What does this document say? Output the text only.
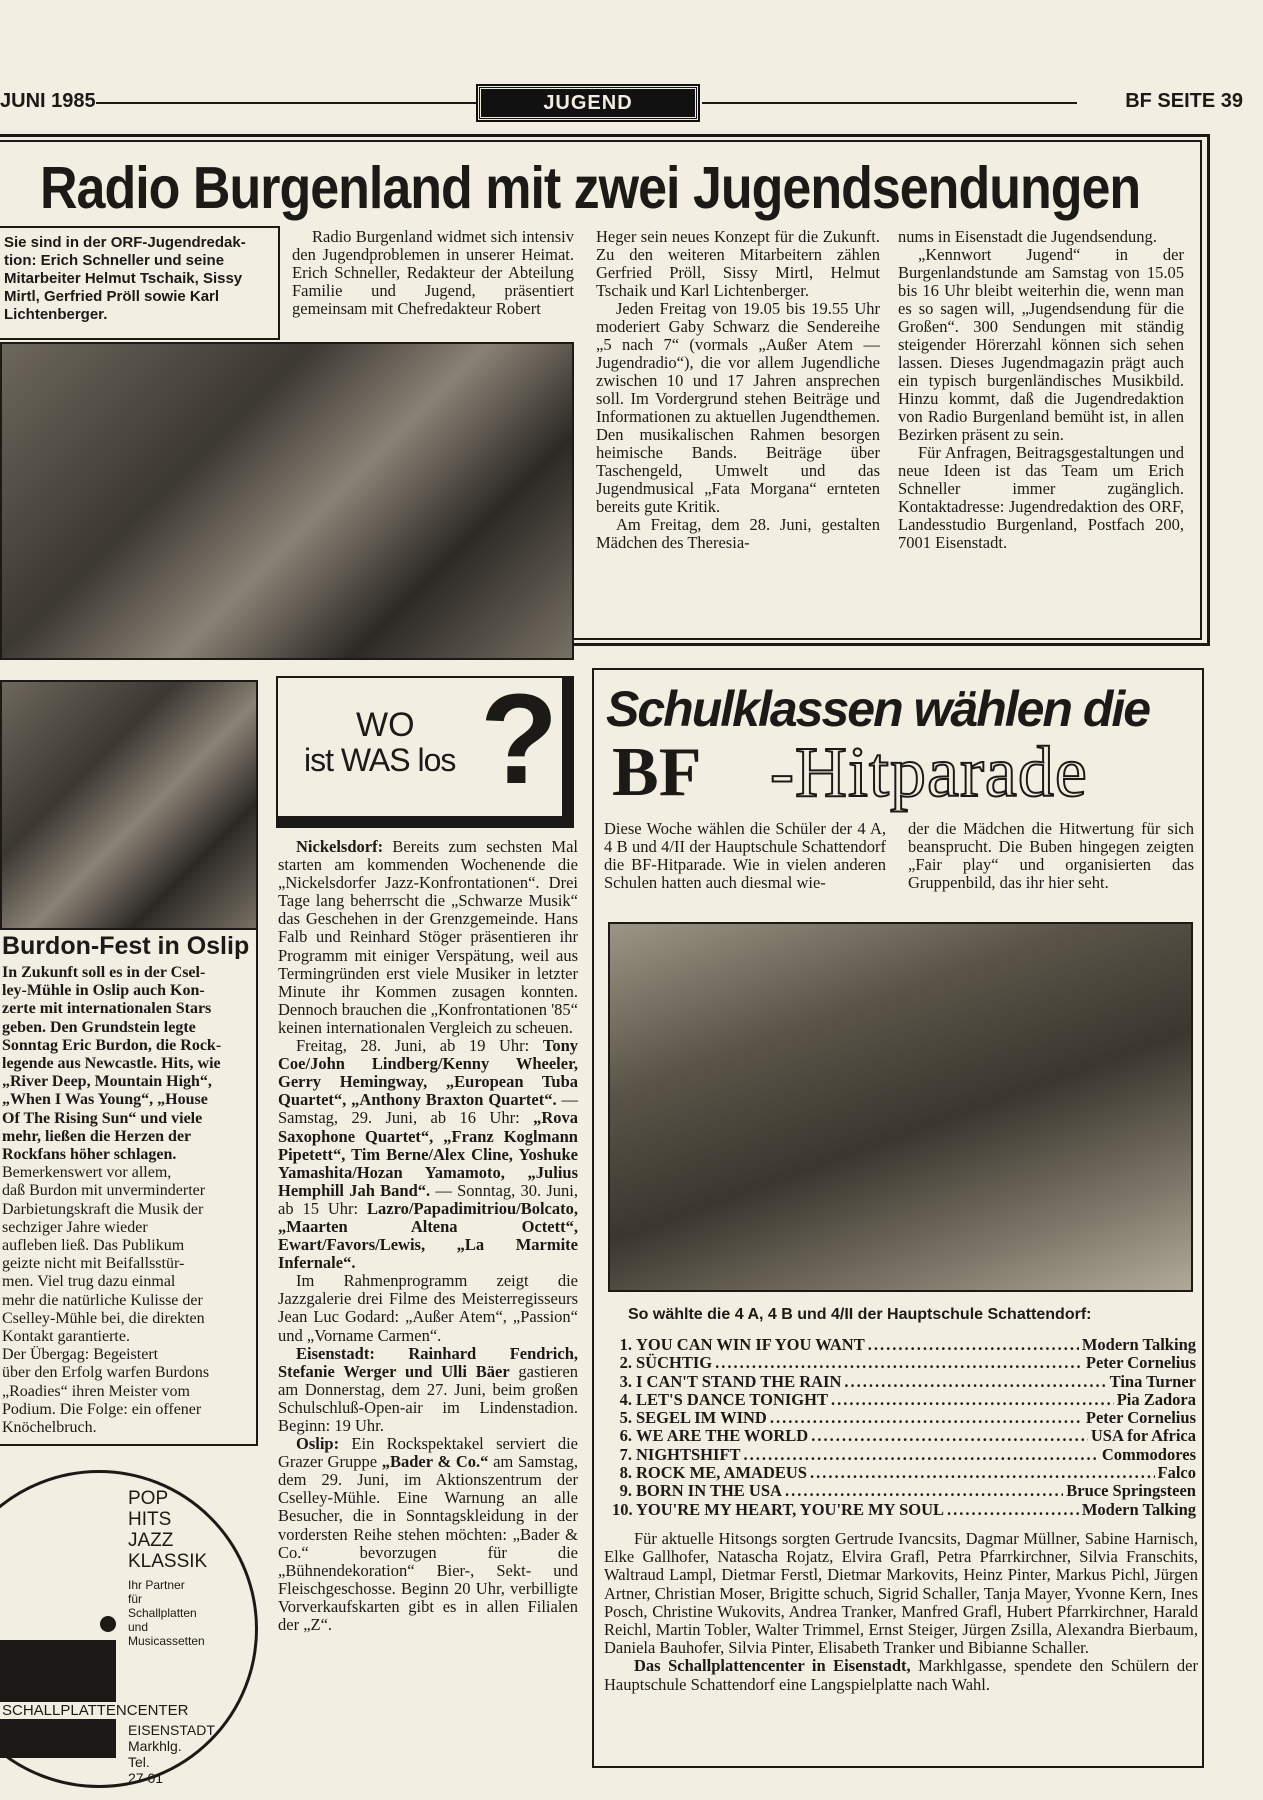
JUNI 1985	JUGEND	BF SEITE 39
Radio Burgenland mit zwei Jugendsendungen

Sie sind in der ORF-Jugendredak-

tion: Erich Schneller und seine

Mitarbeiter Helmut Tschaik, Sissy

Mirtl, Gerfried Pröll sowie Karl

Lichtenberger.

Radio Burgenland widmet sich intensiv den Jugendproblemen in unserer Heimat. Erich Schneller, Redakteur der Abteilung Familie und Jugend, präsentiert gemeinsam mit Chefredakteur Robert

Heger sein neues Konzept für die Zukunft. Zu den weiteren Mitarbeitern zählen Gerfried Pröll, Sissy Mirtl, Helmut Tschaik und Karl Lichtenberger.

Jeden Freitag von 19.05 bis 19.55 Uhr moderiert Gaby Schwarz die Sendereihe „5 nach 7“ (vormals „Außer Atem — Jugendradio“), die vor allem Jugendliche zwischen 10 und 17 Jahren ansprechen soll. Im Vordergrund stehen Beiträge und Informationen zu aktuellen Jugendthemen. Den musikalischen Rahmen besorgen heimische Bands. Beiträge über Taschengeld, Umwelt und das Jugendmusical „Fata Morgana“ ernteten bereits gute Kritik.

Am Freitag, dem 28. Juni, gestalten Mädchen des Theresia-

nums in Eisenstadt die Jugendsendung.

„Kennwort Jugend“ in der Burgenlandstunde am Samstag von 15.05 bis 16 Uhr bleibt weiterhin die, wenn man es so sagen will, „Jugendsendung für die Großen“. 300 Sendungen mit ständig steigender Hörerzahl können sich sehen lassen. Dieses Jugendmagazin prägt auch ein typisch burgenländisches Musikbild. Hinzu kommt, daß die Jugendredaktion von Radio Burgenland bemüht ist, in allen Bezirken präsent zu sein.

Für Anfragen, Beitragsgestaltungen und neue Ideen ist das Team um Erich Schneller immer zugänglich. Kontaktadresse: Jugendredaktion des ORF, Landesstudio Burgenland, Postfach 200, 7001 Eisenstadt.

Burdon-Fest in Oslip

In Zukunft soll es in der Csel-

ley-Mühle in Oslip auch Kon-

zerte mit internationalen Stars

geben. Den Grundstein legte

Sonntag Eric Burdon, die Rock-

legende aus Newcastle. Hits, wie

„River Deep, Mountain High“,

„When I Was Young“, „House

Of The Rising Sun“ und viele

mehr, ließen die Herzen der

Rockfans höher schlagen.

Bemerkenswert vor allem,

daß Burdon mit unverminderter

Darbietungskraft die Musik der

sechziger Jahre wieder

aufleben ließ. Das Publikum

geizte nicht mit Beifallsstür-

men. Viel trug dazu einmal

mehr die natürliche Kulisse der

Cselley-Mühle bei, die direkten

Kontakt garantierte.

Der Übergag: Begeistert

über den Erfolg warfen Burdons

„Roadies“ ihren Meister vom

Podium. Die Folge: ein offener

Knöchelbruch.

POP
HITS
JAZZ
KLASSIK
Ihr Partner
für
Schallplatten
und
Musicassetten
SCHALLPLATTENCENTER
EISENSTADT
Markhlg.
Tel.
27 01
WO
ist WAS los ?

Nickelsdorf: Bereits zum sechsten Mal starten am kommenden Wochenende die „Nickelsdorfer Jazz-Konfrontationen“. Drei Tage lang beherrscht die „Schwarze Musik“ das Geschehen in der Grenzgemeinde. Hans Falb und Reinhard Stöger präsentieren ihr Programm mit einiger Verspätung, weil aus Termingründen erst viele Musiker in letzter Minute ihr Kommen zusagen konnten. Dennoch brauchen die „Konfrontationen '85“ keinen internationalen Vergleich zu scheuen.

Freitag, 28. Juni, ab 19 Uhr: Tony Coe/John Lindberg/Kenny Wheeler, Gerry Hemingway, „European Tuba Quartet“, „Anthony Braxton Quartet“. — Samstag, 29. Juni, ab 16 Uhr: „Rova Saxophone Quartet“, „Franz Koglmann Pipetett“, Tim Berne/Alex Cline, Yoshuke Yamashita/Hozan Yamamoto, „Julius Hemphill Jah Band“. — Sonntag, 30. Juni, ab 15 Uhr: Lazro/Papadimitriou/Bolcato, „Maarten Altena Octett“, Ewart/Favors/Lewis, „La Marmite Infernale“.

Im Rahmenprogramm zeigt die Jazzgalerie drei Filme des Meisterregisseurs Jean Luc Godard: „Außer Atem“, „Passion“ und „Vorname Carmen“.

Eisenstadt: Rainhard Fendrich, Stefanie Werger und Ulli Bäer gastieren am Donnerstag, dem 27. Juni, beim großen Schulschluß-Open-air im Lindenstadion. Beginn: 19 Uhr.

Oslip: Ein Rockspektakel serviert die Grazer Gruppe „Bader & Co.“ am Samstag, dem 29. Juni, im Aktionszentrum der Cselley-Mühle. Eine Warnung an alle Besucher, die in Sonntagskleidung in der vordersten Reihe stehen möchten: „Bader & Co.“ bevorzugen für die „Bühnendekoration“ Bier-, Sekt- und Fleischgeschosse. Beginn 20 Uhr, verbilligte Vorverkaufskarten gibt es in allen Filialen der „Z“.

Schulklassen wählen die
BF -Hitparade
Diese Woche wählen die Schüler der 4 A, 4 B und 4/II der Hauptschule Schattendorf die BF-Hitparade. Wie in vielen anderen Schulen hatten auch diesmal wie-
der die Mädchen die Hitwertung für sich beansprucht. Die Buben hingegen zeigten „Fair play“ und organisierten das Gruppenbild, das ihr hier seht.
So wählte die 4 A, 4 B und 4/II der Hauptschule Schattendorf:
1. YOU CAN WIN IF YOU WANT .....	Modern Talking
2. SÜCHTIG .....	Peter Cornelius
3. I CAN'T STAND THE RAIN .....	Tina Turner
4. LET'S DANCE TONIGHT .....	Pia Zadora
5. SEGEL IM WIND .....	Peter Cornelius
6. WE ARE THE WORLD .....	USA for Africa
7. NIGHTSHIFT .....	Commodores
8. ROCK ME, AMADEUS .....	Falco
9. BORN IN THE USA .....	Bruce Springsteen
10. YOU'RE MY HEART, YOU'RE MY SOUL .....	Modern Talking

Für aktuelle Hitsongs sorgten Gertrude Ivancsits, Dagmar Müllner, Sabine Harnisch, Elke Gallhofer, Natascha Rojatz, Elvira Grafl, Petra Pfarrkirchner, Silvia Franschits, Waltraud Lampl, Dietmar Ferstl, Dietmar Markovits, Heinz Pinter, Markus Pichl, Jürgen Artner, Christian Moser, Brigitte schuch, Sigrid Schaller, Tanja Mayer, Yvonne Kern, Ines Posch, Christine Wukovits, Andrea Tranker, Manfred Grafl, Hubert Pfarrkirchner, Harald Reichl, Martin Tobler, Walter Trimmel, Ernst Steiger, Jürgen Zsilla, Alexandra Bierbaum, Daniela Bauhofer, Silvia Pinter, Elisabeth Tranker und Bibianne Schaller.

Das Schallplattencenter in Eisenstadt, Markhlgasse, spendete den Schülern der Hauptschule Schattendorf eine Langspielplatte nach Wahl.
